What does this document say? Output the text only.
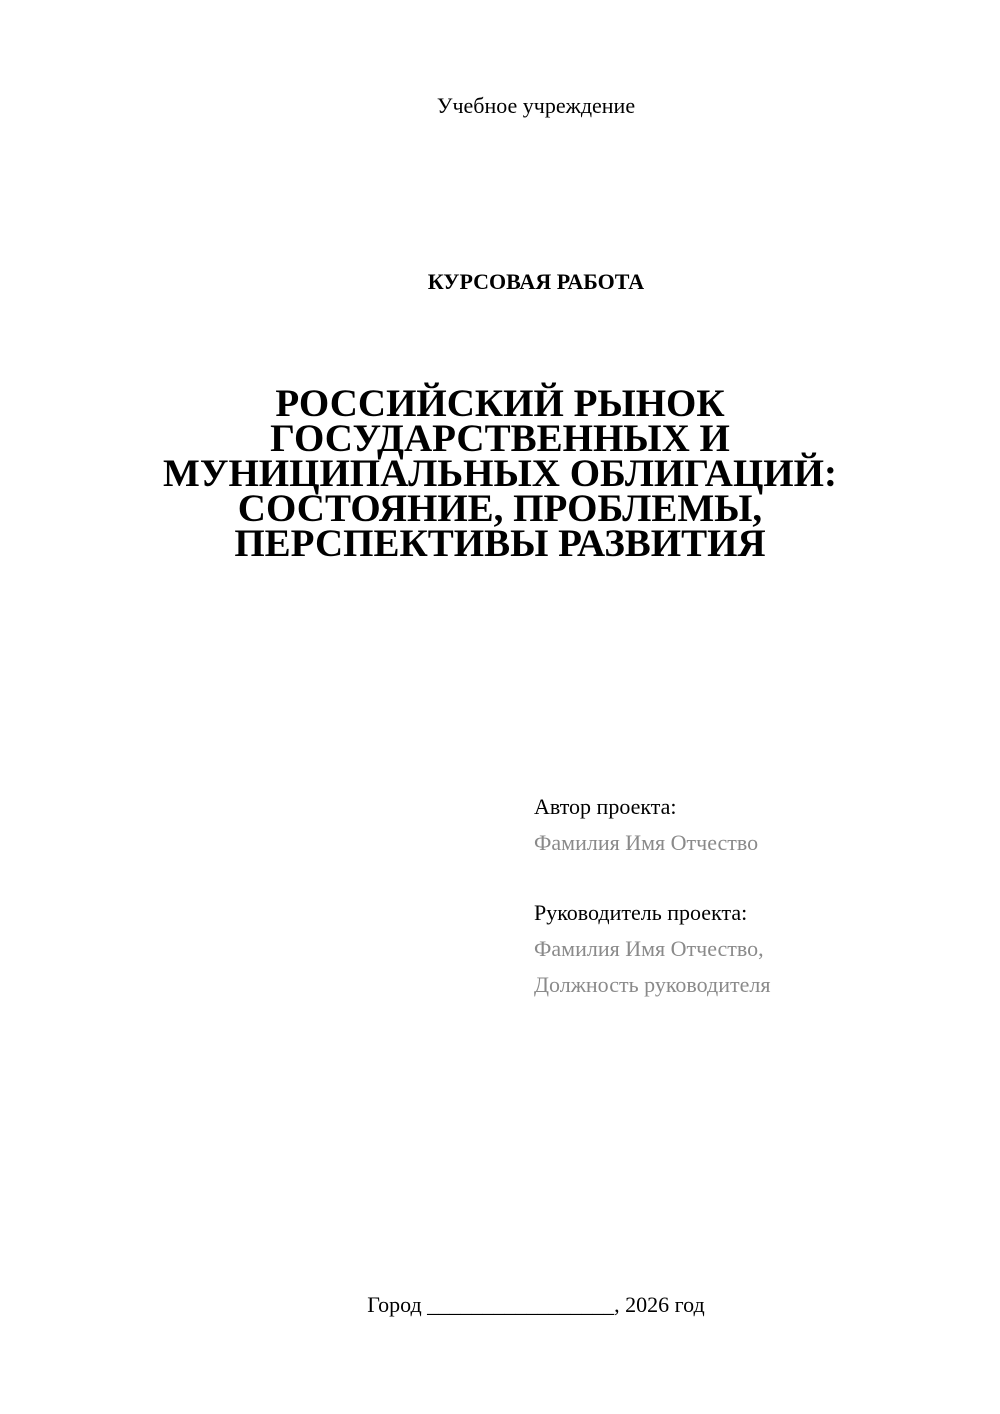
Учебное учреждение
КУРСОВАЯ РАБОТА
РОССИЙСКИЙ РЫНОК
ГОСУДАРСТВЕННЫХ И
МУНИЦИПАЛЬНЫХ ОБЛИГАЦИЙ:
СОСТОЯНИЕ, ПРОБЛЕМЫ,
ПЕРСПЕКТИВЫ РАЗВИТИЯ
Автор проекта:
Фамилия Имя Отчество
Руководитель проекта:
Фамилия Имя Отчество,
Должность руководителя
Город _________________, 2026 год
